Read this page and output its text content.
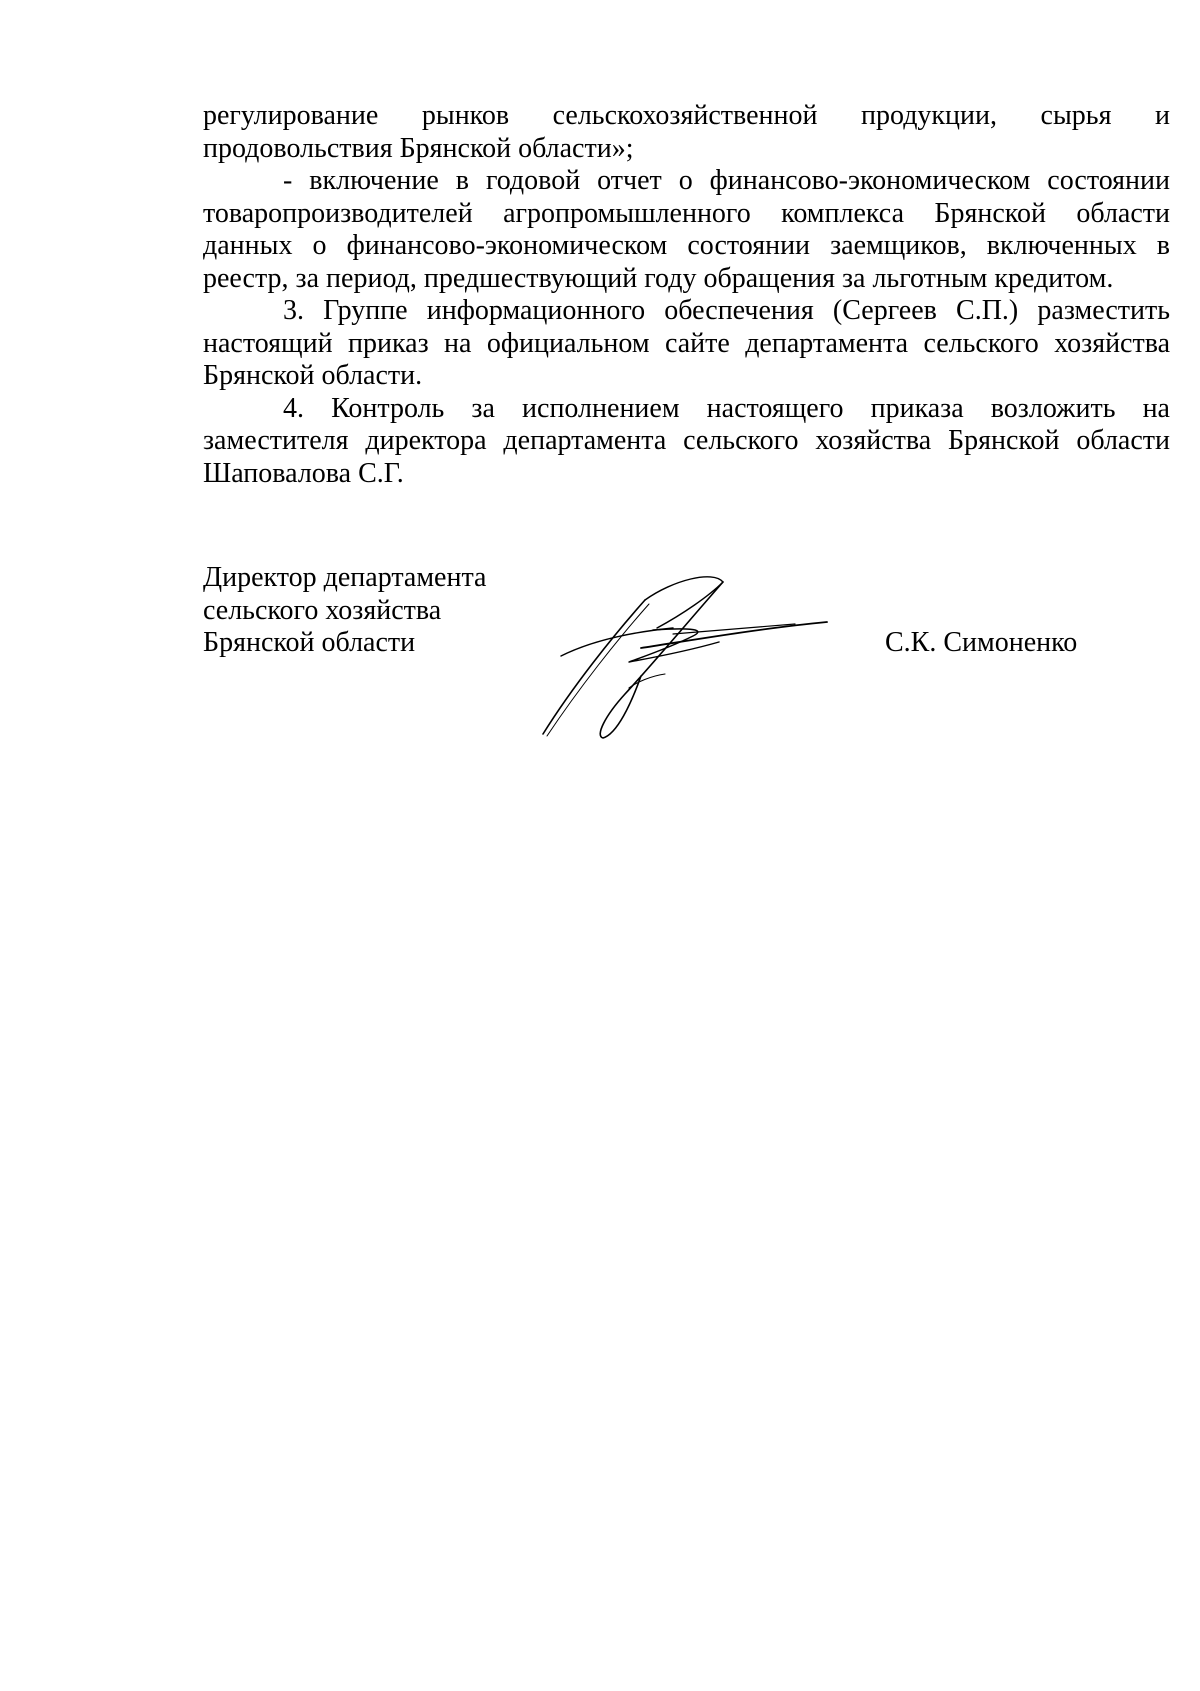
регулирование рынков сельскохозяйственной продукции, сырья и продовольствия Брянской области»;

- включение в годовой отчет о финансово-экономическом состоянии товаропроизводителей агропромышленного комплекса Брянской области данных о финансово-экономическом состоянии заемщиков, включенных в реестр, за период, предшествующий году обращения за льготным кредитом.

3. Группе информационного обеспечения (Сергеев С.П.) разместить настоящий приказ на официальном сайте департамента сельского хозяйства Брянской области.

4. Контроль за исполнением настоящего приказа возложить на заместителя директора департамента сельского хозяйства Брянской области Шаповалова С.Г.

Директор департамента
сельского хозяйства
Брянской области	С.К. Симоненко
